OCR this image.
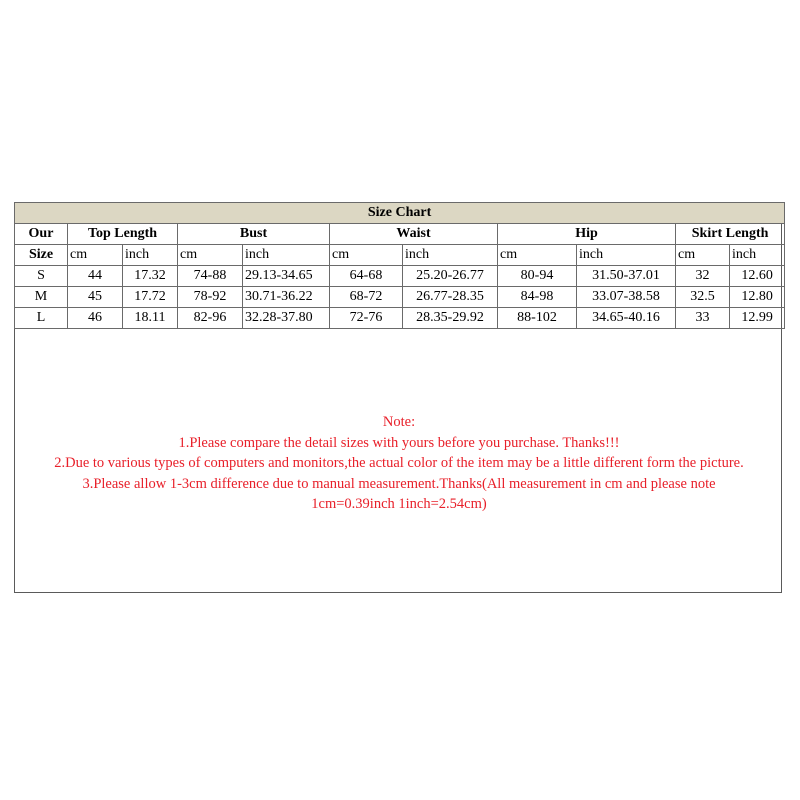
Size Chart										
Our	Top Length		Bust		Waist		Hip		Skirt Length	
Size	cm	inch	cm	inch	cm	inch	cm	inch	cm	inch
S	44	17.32	74-88	29.13-34.65	64-68	25.20-26.77	80-94	31.50-37.01	32	12.60
M	45	17.72	78-92	30.71-36.22	68-72	26.77-28.35	84-98	33.07-38.58	32.5	12.80
L	46	18.11	82-96	32.28-37.80	72-76	28.35-29.92	88-102	34.65-40.16	33	12.99
Note:
1.Please compare the detail sizes with yours before you purchase. Thanks!!!
2.Due to various types of computers and monitors,the actual color of the item may be a little different form the picture.
3.Please allow 1-3cm difference due to manual measurement.Thanks(All measurement in cm and please note
1cm=0.39inch 1inch=2.54cm)
